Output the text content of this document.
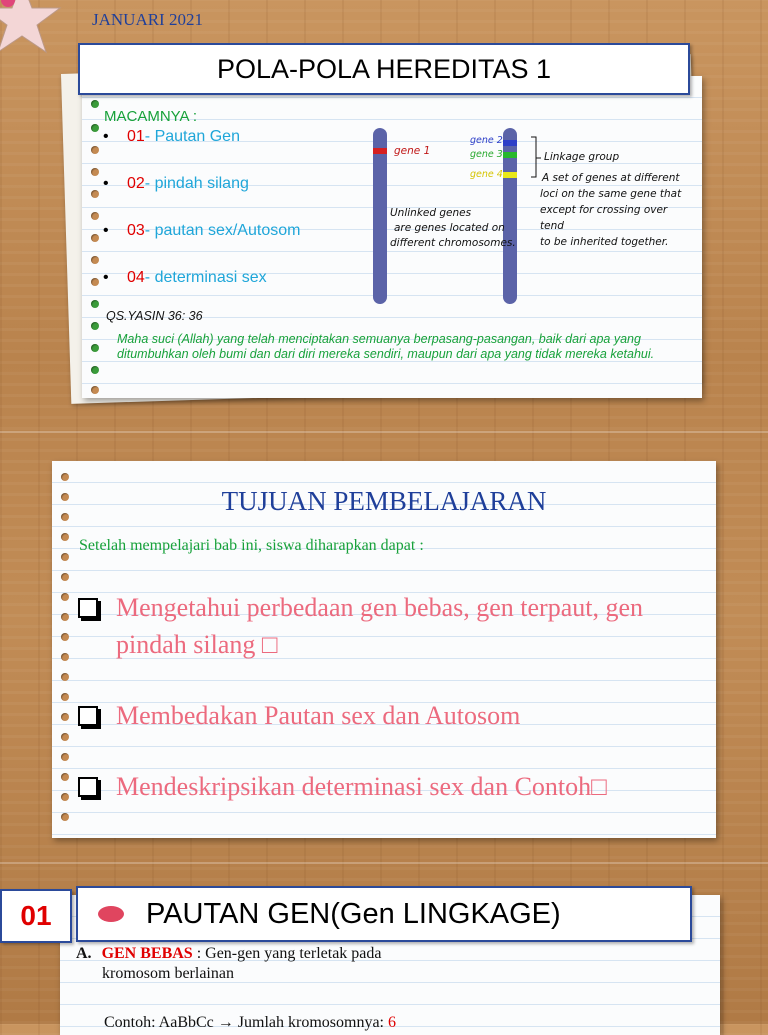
JANUARI 2021
POLA-POLA HEREDITAS 1
MACAMNYA :
• 01- Pautan Gen
• 02- pindah silang
• 03- pautan sex/Autosom
• 04- determinasi sex
gene 1
gene 2
gene 3
gene 4
Unlinked genes
are genes located on
different chromosomes.
Linkage group
A set of genes at different
loci on the same gene that
except for crossing over tend
to be inherited together.
QS.YASIN 36: 36
Maha suci (Allah) yang telah menciptakan semuanya berpasang-pasangan, baik dari apa yang ditumbuhkan oleh bumi dan dari diri mereka sendiri, maupun dari apa yang tidak mereka ketahui.
TUJUAN PEMBELAJARAN
Setelah mempelajari bab ini, siswa diharapkan dapat :
Mengetahui perbedaan gen bebas, gen terpaut, gen pindah silang □
Membedakan Pautan sex dan Autosom
Mendeskripsikan determinasi sex dan Contoh□
01	PAUTAN GEN(Gen LINGKAGE)
A. GEN BEBAS : Gen-gen yang terletak pada
kromosom berlainan
Contoh: AaBbCc → Jumlah kromosomnya: 6
